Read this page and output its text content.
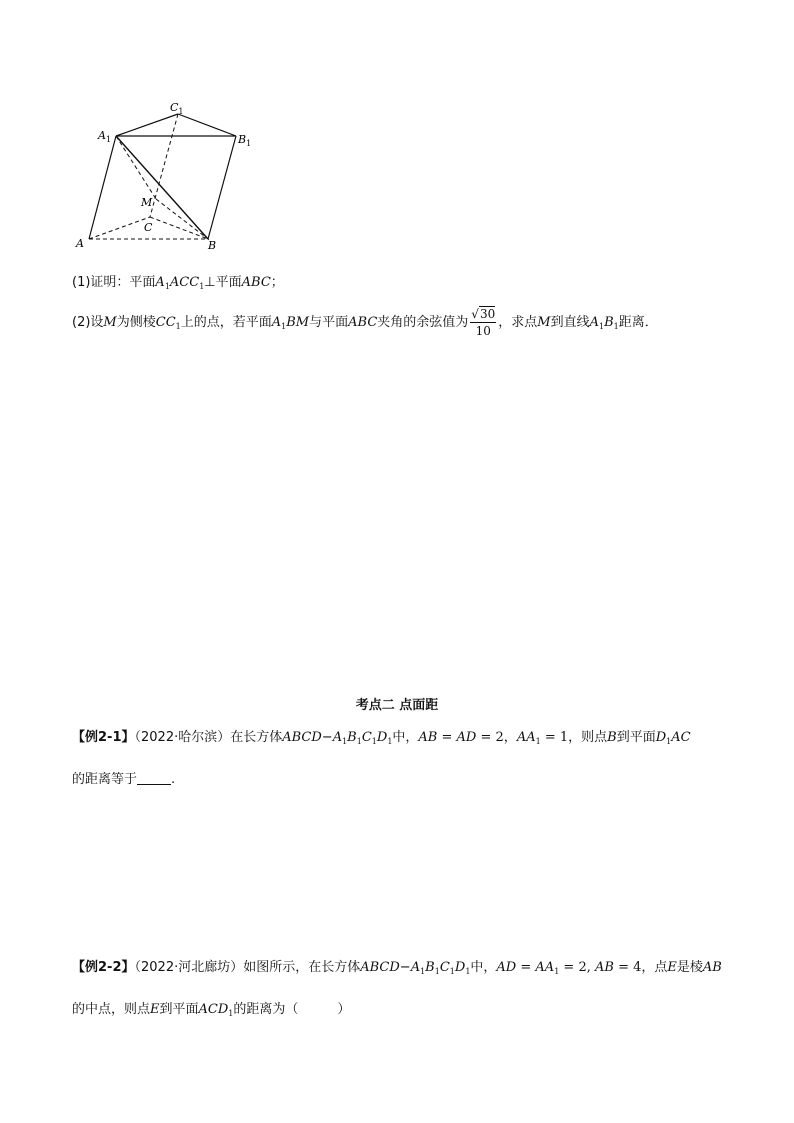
$C_1$
$A_1$	$B_1$
M
C
A	B
(1)证明：平面$A_1ACC_1\perp$平面ABC；
(2)设M为侧棱$CC_1$上的点，若平面$A_1BM$与平面ABC夹角的余弦值为 $\frac{√30}{10}$ ，求点M到直线$A_1B_1$距离．
考点二 点面距
【例2-1】（2022·哈尔滨）在长方体$ABCD-A_1B_1C_1D_1$中，AB = AD = 2，$AA_1 = 1$，则点B到平面$D_1AC$
的距离等于	.
【例2-2】（2022·河北廊坊）如图所示，在长方体$ABCD-A_1B_1C_1D_1$中，AD = $AA_1 = 2$, AB = 4，点E是棱AB
的中点，则点E到平面$ACD_1$的距离为（　　　）
